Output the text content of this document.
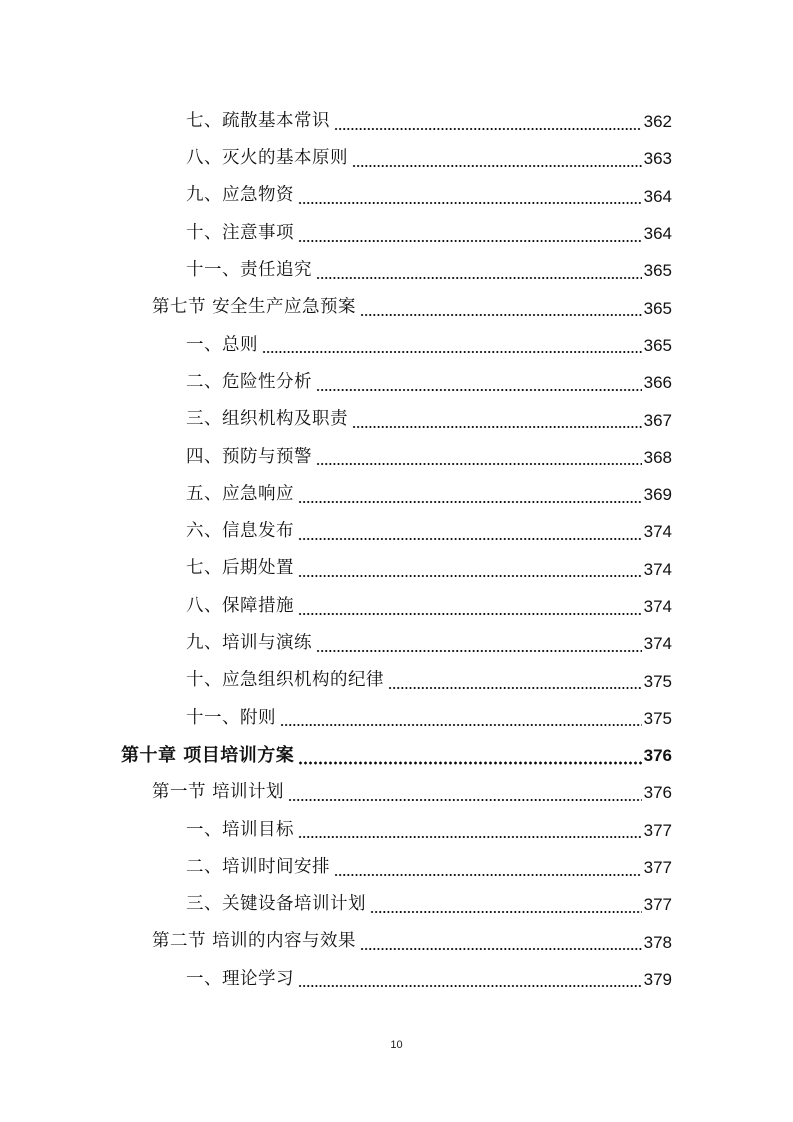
七、疏散基本常识	362
八、灭火的基本原则	363
九、应急物资	364
十、注意事项	364
十一、责任追究	365
第七节 安全生产应急预案	365
一、总则	365
二、危险性分析	366
三、组织机构及职责	367
四、预防与预警	368
五、应急响应	369
六、信息发布	374
七、后期处置	374
八、保障措施	374
九、培训与演练	374
十、应急组织机构的纪律	375
十一、附则	375
第十章 项目培训方案	376
第一节 培训计划	376
一、培训目标	377
二、培训时间安排	377
三、关键设备培训计划	377
第二节 培训的内容与效果	378
一、理论学习	379
10
